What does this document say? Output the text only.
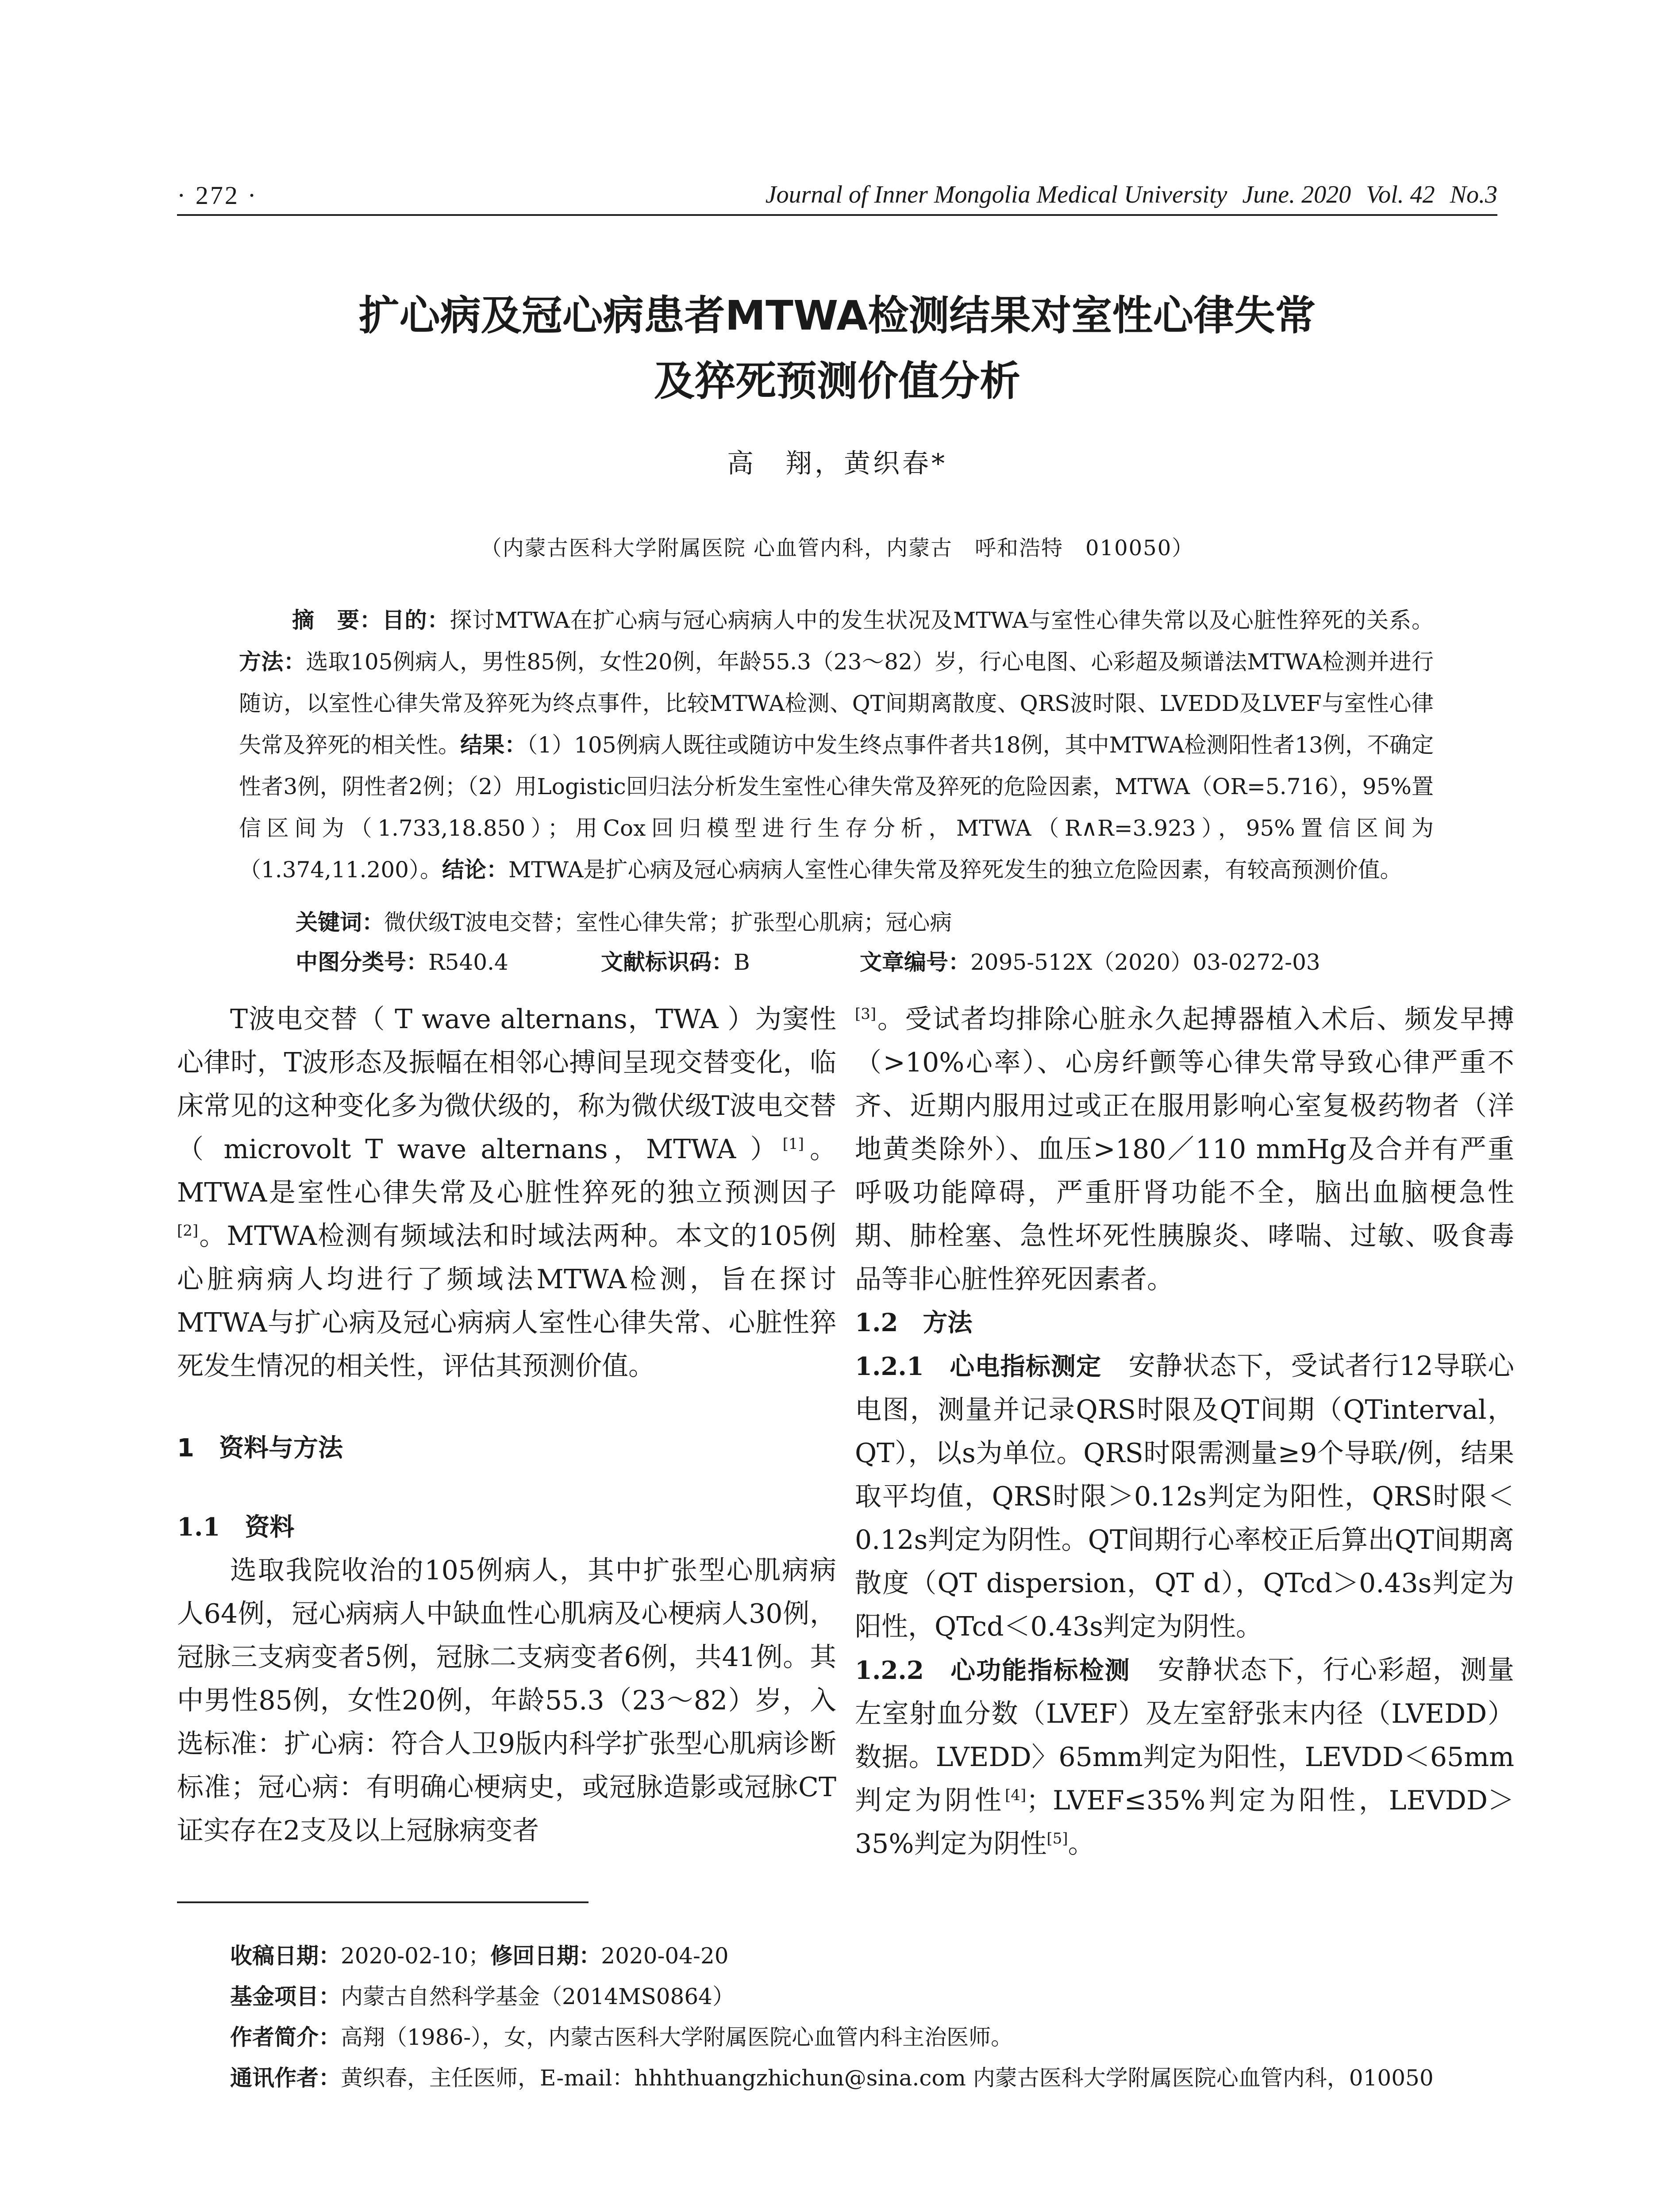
· 272 ·	Journal of Inner Mongolia Medical University June. 2020 Vol. 42 No.3
扩心病及冠心病患者MTWA检测结果对室性心律失常
及猝死预测价值分析
高　翔，黄织春*
（内蒙古医科大学附属医院 心血管内科，内蒙古　呼和浩特　010050）
摘　要：目的：探讨MTWA在扩心病与冠心病病人中的发生状况及MTWA与室性心律失常以及心脏性猝死的关系。方法：选取105例病人，男性85例，女性20例，年龄55.3（23～82）岁，行心电图、心彩超及频谱法MTWA检测并进行随访，以室性心律失常及猝死为终点事件，比较MTWA检测、QT间期离散度、QRS波时限、LVEDD及LVEF与室性心律失常及猝死的相关性。结果：（1）105例病人既往或随访中发生终点事件者共18例，其中MTWA检测阳性者13例，不确定性者3例，阴性者2例；（2）用Logistic回归法分析发生室性心律失常及猝死的危险因素，MTWA（OR=5.716），95%置信区间为（1.733,18.850）；用Cox回归模型进行生存分析，MTWA（R∧R=3.923），95%置信区间为（1.374,11.200）。结论：MTWA是扩心病及冠心病病人室性心律失常及猝死发生的独立危险因素，有较高预测价值。
关键词：微伏级T波电交替；室性心律失常；扩张型心肌病；冠心病
中图分类号：R540.4	文献标识码：B	文章编号：2095-512X（2020）03-0272-03

T波电交替（ T wave alternans，TWA ）为窦性心律时，T波形态及振幅在相邻心搏间呈现交替变化，临床常见的这种变化多为微伏级的，称为微伏级T波电交替（ microvolt T wave alternans，MTWA ）[1]。MTWA是室性心律失常及心脏性猝死的独立预测因子[2]。MTWA检测有频域法和时域法两种。本文的105例心脏病病人均进行了频域法MTWA检测，旨在探讨MTWA与扩心病及冠心病病人室性心律失常、心脏性猝死发生情况的相关性，评估其预测价值。

1　资料与方法
1.1　资料

选取我院收治的105例病人，其中扩张型心肌病病人64例，冠心病病人中缺血性心肌病及心梗病人30例，冠脉三支病变者5例，冠脉二支病变者6例，共41例。其中男性85例，女性20例，年龄55.3（23～82）岁，入选标准：扩心病：符合人卫9版内科学扩张型心肌病诊断标准；冠心病：有明确心梗病史，或冠脉造影或冠脉CT证实存在2支及以上冠脉病变者

[3]。受试者均排除心脏永久起搏器植入术后、频发早搏（>10%心率）、心房纤颤等心律失常导致心律严重不齐、近期内服用过或正在服用影响心室复极药物者（洋地黄类除外）、血压>180／110 mmHg及合并有严重呼吸功能障碍，严重肝肾功能不全，脑出血脑梗急性期、肺栓塞、急性坏死性胰腺炎、哮喘、过敏、吸食毒品等非心脏性猝死因素者。

1.2　方法

1.2.1　心电指标测定　 安静状态下，受试者行12导联心电图，测量并记录QRS时限及QT间期（QTinterval，QT），以s为单位。QRS时限需测量≥9个导联/例，结果取平均值，QRS时限＞0.12s判定为阳性，QRS时限＜0.12s判定为阴性。QT间期行心率校正后算出QT间期离散度（QT dispersion，QT d），QTcd＞0.43s判定为阳性，QTcd＜0.43s判定为阴性。

1.2.2　心功能指标检测　 安静状态下，行心彩超，测量左室射血分数（LVEF）及左室舒张末内径（LVEDD）数据。LVEDD〉65mm判定为阳性，LEVDD＜65mm判定为阴性[4]；LVEF≤35%判定为阳性，LEVDD＞35%判定为阴性[5]。

收稿日期：2020-02-10；修回日期：2020-04-20
基金项目：内蒙古自然科学基金（2014MS0864）
作者简介：高翔（1986-），女，内蒙古医科大学附属医院心血管内科主治医师。
通讯作者：黄织春，主任医师，E-mail：hhhthuangzhichun@sina.com 内蒙古医科大学附属医院心血管内科，010050
